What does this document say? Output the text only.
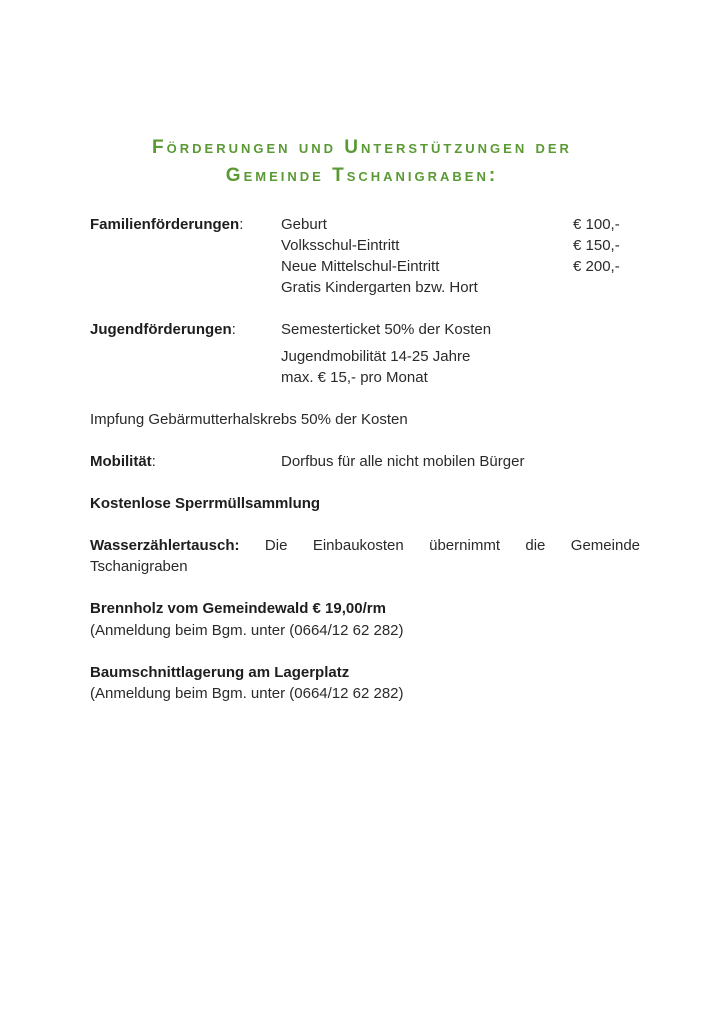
Förderungen und Unterstützungen der
Gemeinde Tschanigraben:
Familienförderungen:	Geburt	€ 100,-
Volksschul-Eintritt	€ 150,-
Neue Mittelschul-Eintritt	€ 200,-
Gratis Kindergarten bzw. Hort
Jugendförderungen:	Semesterticket 50% der Kosten
Jugendmobilität 14-25 Jahre
max. € 15,- pro Monat
Impfung Gebärmutterhalskrebs 50% der Kosten
Mobilität:	Dorfbus für alle nicht mobilen Bürger
Kostenlose Sperrmüllsammlung
Wasserzählertausch: Die Einbaukosten übernimmt die Gemeinde
Tschanigraben
Brennholz vom Gemeindewald € 19,00/rm
(Anmeldung beim Bgm. unter (0664/12 62 282)
Baumschnittlagerung am Lagerplatz
(Anmeldung beim Bgm. unter (0664/12 62 282)
